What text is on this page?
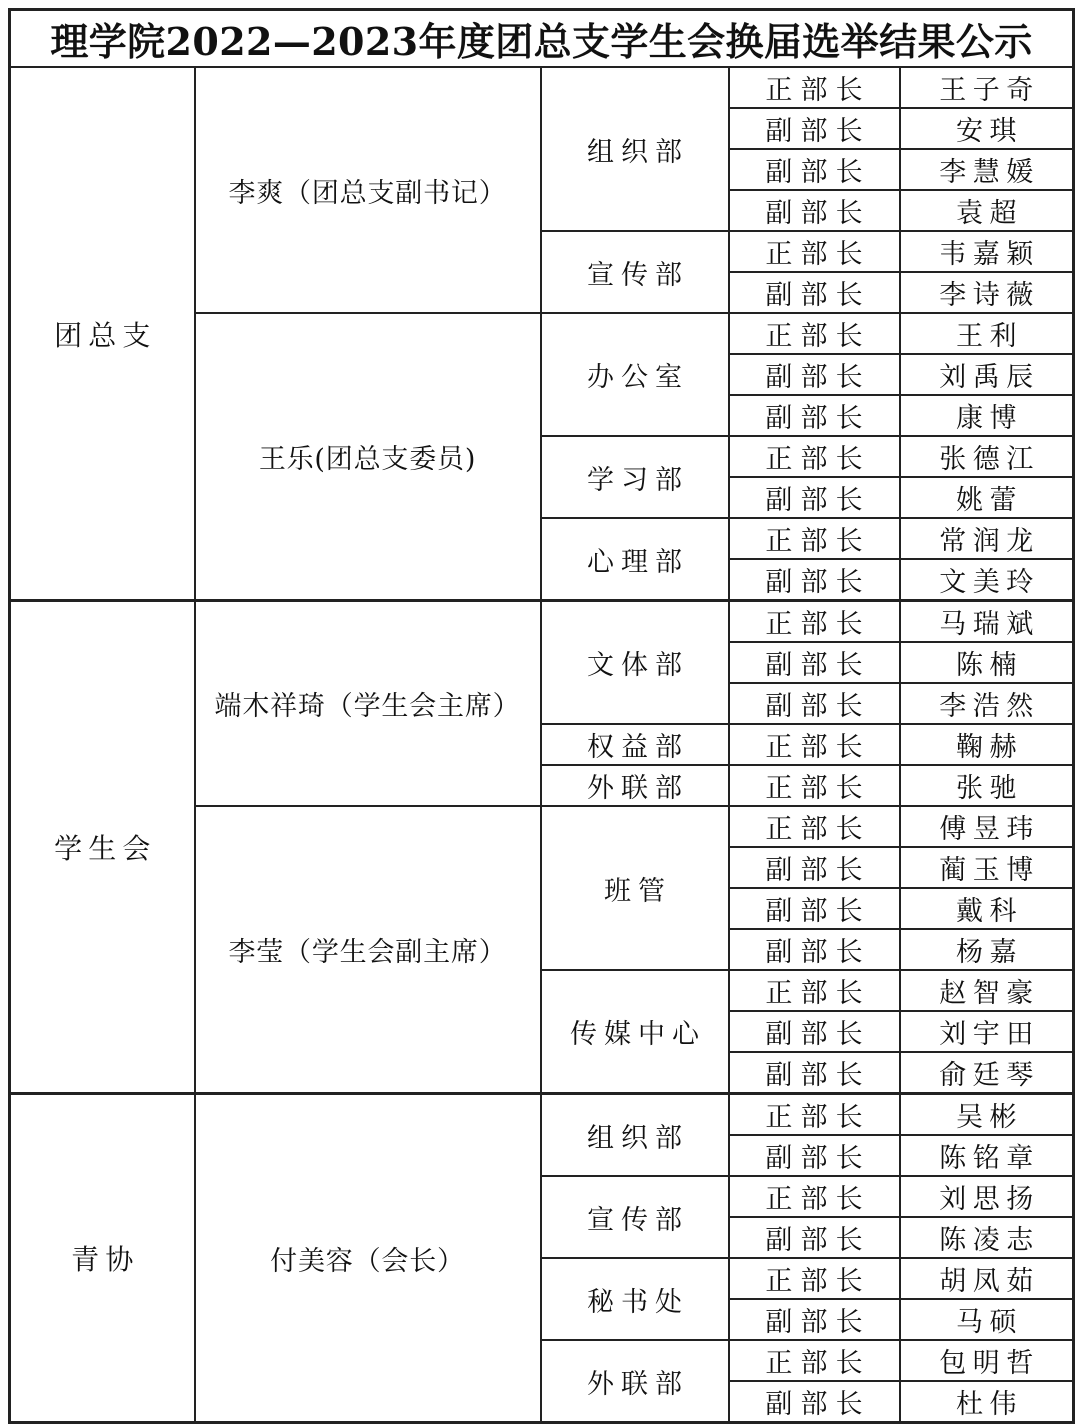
理学院2022—2023年度团总支学生会换届选举结果公示				
团总支	李爽（团总支副书记）	组织部	正部长	王子奇
			副部长	安琪
			副部长	李慧媛
			副部长	袁超
		宣传部	正部长	韦嘉颖
			副部长	李诗薇
	王乐(团总支委员)	办公室	正部长	王利
			副部长	刘禹辰
			副部长	康博
		学习部	正部长	张德江
			副部长	姚蕾
		心理部	正部长	常润龙
			副部长	文美玲
学生会	端木祥琦（学生会主席）	文体部	正部长	马瑞斌
			副部长	陈楠
			副部长	李浩然
		权益部	正部长	鞠赫
		外联部	正部长	张驰
	李莹（学生会副主席）	班管	正部长	傅昱玮
			副部长	蔺玉博
			副部长	戴科
			副部长	杨嘉
		传媒中心	正部长	赵智豪
			副部长	刘宇田
			副部长	俞廷琴
青协	付美容（会长）	组织部	正部长	吴彬
			副部长	陈铭章
		宣传部	正部长	刘思扬
			副部长	陈凌志
		秘书处	正部长	胡凤茹
			副部长	马硕
		外联部	正部长	包明哲
			副部长	杜伟
